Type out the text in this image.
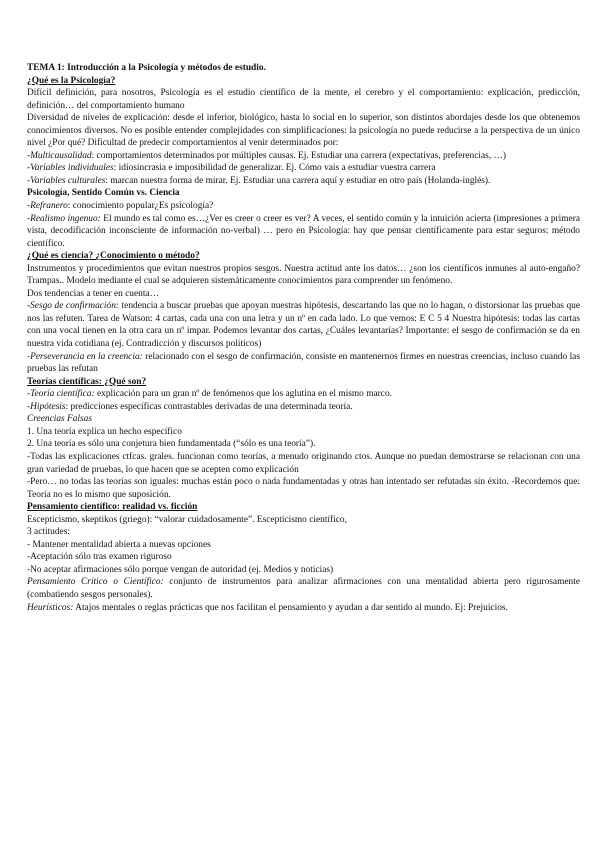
TEMA 1: Introducción a la Psicología y métodos de estudio.

¿Qué es la Psicología?

Difícil definición, para nosotros, Psicología es el estudio científico de la mente, el cerebro y el comportamiento: explicación, predicción, definición… del comportamiento humano

Diversidad de niveles de explicación: desde el inferior, biológico, hasta lo social en lo superior, son distintos abordajes desde los que obtenemos conocimientos diversos. No es posible entender complejidades con simplificaciones: la psicología no puede reducirse a la perspectiva de un único nivel ¿Por qué? Dificultad de predecir comportamientos al venir determinados por:

-Multicausalidad: comportamientos determinados por múltiples causas. Ej. Estudiar una carrera (expectativas, preferencias, …)

-Variables individuales: idiosincrasia e imposibilidad de generalizar. Ej. Cómo vais a estudiar vuestra carrera

-Variables culturales: marcan nuestra forma de mirar. Ej. Estudiar una carrera aquí y estudiar en otro país (Holanda-inglés).

Psicología, Sentido Común vs. Ciencia

-Refranero: conocimiento popular¿Es psicología?

-Realismo ingenuo: El mundo es tal como es…¿Ver es creer o creer es ver? A veces, el sentido común y la intuición acierta (impresiones a primera vista, decodificación inconsciente de información no-verbal) … pero en Psicología: hay que pensar científicamente para estar seguros: método científico.

¿Qué es ciencia? ¿Conocimiento o método?

Instrumentos y procedimientos que evitan nuestros propios sesgos. Nuestra actitud ante los datos… ¿son los científicos inmunes al auto-engaño? Trampas.. Modelo mediante el cual se adquieren sistemáticamente conocimientos para comprender un fenómeno.

Dos tendencias a tener en cuenta…

-Sesgo de confirmación: tendencia a buscar pruebas que apoyan nuestras hipótesis, descartando las que no lo hagan, o distorsionar las pruebas que nos las refuten. Tarea de Watson: 4 cartas, cada una con una letra y un nº en cada lado. Lo que vemos: E C 5 4 Nuestra hipótesis: todas las cartas con una vocal tienen en la otra cara un nº impar. Podemos levantar dos cartas, ¿Cuáles levantarías? Importante: el sesgo de confirmación se da en nuestra vida cotidiana (ej. Contradicción y discursos políticos)

-Perseverancia en la creencia: relacionado con el sesgo de confirmación, consiste en mantenernos firmes en nuestras creencias, incluso cuando las pruebas las refutan

Teorías científicas: ¿Qué son?

-Teoría científica: explicación para un gran nº de fenómenos que los aglutina en el mismo marco.

-Hipótesis: predicciones específicas contrastables derivadas de una determinada teoría.

Creencias Falsas

1. Una teoría explica un hecho específico

2. Una teoría es sólo una conjetura bien fundamentada (“sólo es una teoría”).

-Todas las explicaciones ctfcas. grales. funcionan como teorías, a menudo originando ctos. Aunque no puedan demostrarse se relacionan con una gran variedad de pruebas, lo que hacen que se acepten como explicación

-Pero… no todas las teorías son iguales: muchas están poco o nada fundamentadas y otras han intentado ser refutadas sin éxito. -Recordemos que: Teoría no es lo mismo que suposición.

Pensamiento científico: realidad vs. ficción

Escepticismo, skeptikos (griego): “valorar cuidadosamente”. Escepticismo científico,

3 actitudes:

- Mantener mentalidad abierta a nuevas opciones

-Aceptación sólo tras examen riguroso

-No aceptar afirmaciones sólo porque vengan de autoridad (ej. Medios y noticias)

Pensamiento Crítico o Científico: conjunto de instrumentos para analizar afirmaciones con una mentalidad abierta pero rigurosamente (combatiendo sesgos personales).

Heurísticos: Atajos mentales o reglas prácticas que nos facilitan el pensamiento y ayudan a dar sentido al mundo. Ej: Prejuicios.
